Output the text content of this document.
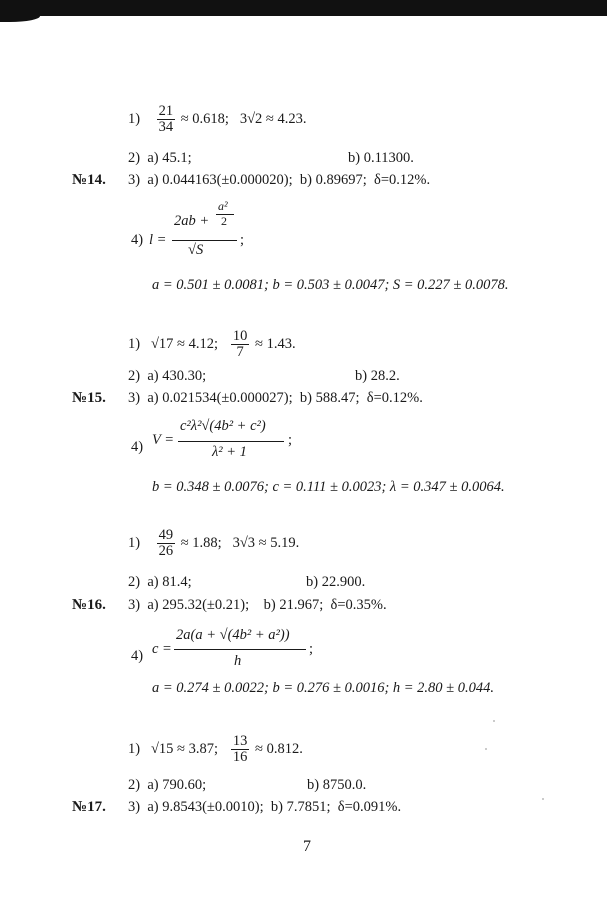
$1) \frac{21}{34} \approx 0.618$; 3√2 ≈ 4.23.
2) a) 45.1;	b) 0.11300.
№14. 3) a) 0.044163(±0.000020); b) 0.89697; δ=0.12%.
4) l =
2ab +
a²
2
√S
;
a = 0.501 ± 0.0081; b = 0.503 ± 0.0047; S = 0.227 ± 0.0078.
1) √17 ≈ 4.12; $\frac{10}{7} \approx 1.43$.
2) a) 430.30;	b) 28.2.
№15. 3) a) 0.021534(±0.000027); b) 588.47; δ=0.12%.
4) V =
c²λ²√(4b² + c²)
λ² + 1
;
b = 0.348 ± 0.0076; c = 0.111 ± 0.0023; λ = 0.347 ± 0.0064.
$1) \frac{49}{26} \approx 1.88$; 3√3 ≈ 5.19.
2) a) 81.4;	b) 22.900.
№16. 3) a) 295.32(±0.21); b) 21.967; δ=0.35%.
4) c =
2a(a + √(4b² + a²))
h
;
a = 0.274 ± 0.0022; b = 0.276 ± 0.0016; h = 2.80 ± 0.044.
1) √15 ≈ 3.87; $\frac{13}{16} \approx 0.812$.
2) a) 790.60;	b) 8750.0.
№17. 3) a) 9.8543(±0.0010); b) 7.7851; δ=0.091%.
7
